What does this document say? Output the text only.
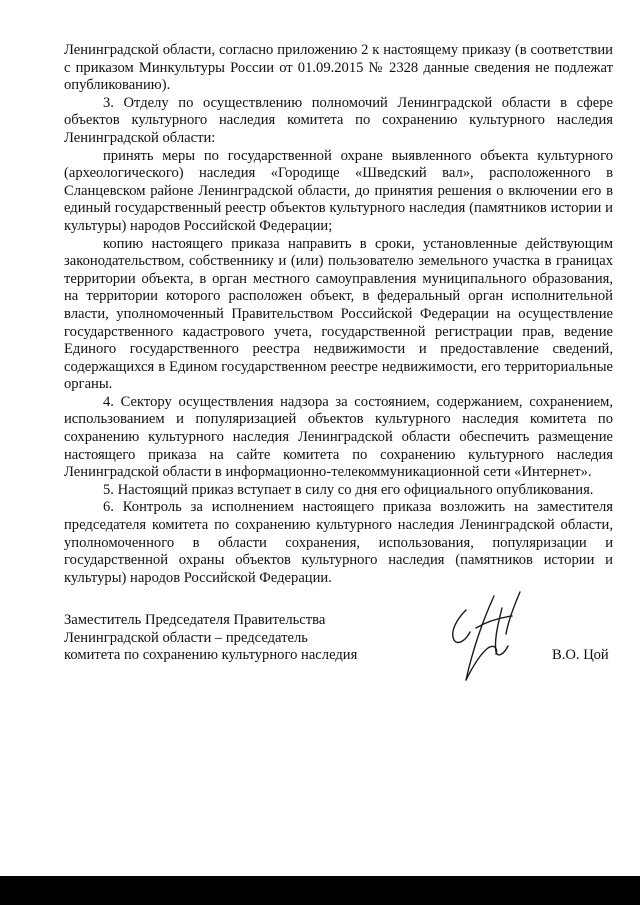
Ленинградской области, согласно приложению 2 к настоящему приказу (в соответствии с приказом Минкультуры России от 01.09.2015 № 2328 данные сведения не подлежат опубликованию).

3. Отделу по осуществлению полномочий Ленинградской области в сфере объектов культурного наследия комитета по сохранению культурного наследия Ленинградской области:

принять меры по государственной охране выявленного объекта культурного (археологического) наследия «Городище «Шведский вал», расположенного в Сланцевском районе Ленинградской области, до принятия решения о включении его в единый государственный реестр объектов культурного наследия (памятников истории и культуры) народов Российской Федерации;

копию настоящего приказа направить в сроки, установленные действующим законодательством, собственнику и (или) пользователю земельного участка в границах территории объекта, в орган местного самоуправления муниципального образования, на территории которого расположен объект, в федеральный орган исполнительной власти, уполномоченный Правительством Российской Федерации на осуществление государственного кадастрового учета, государственной регистрации прав, ведение Единого государственного реестра недвижимости и предоставление сведений, содержащихся в Едином государственном реестре недвижимости, его территориальные органы.

4. Сектору осуществления надзора за состоянием, содержанием, сохранением, использованием и популяризацией объектов культурного наследия комитета по сохранению культурного наследия Ленинградской области обеспечить размещение настоящего приказа на сайте комитета по сохранению культурного наследия Ленинградской области в информационно-телекоммуникационной сети «Интернет».

5. Настоящий приказ вступает в силу со дня его официального опубликования.

6. Контроль за исполнением настоящего приказа возложить на заместителя председателя комитета по сохранению культурного наследия Ленинградской области, уполномоченного в области сохранения, использования, популяризации и государственной охраны объектов культурного наследия (памятников истории и культуры) народов Российской Федерации.

Заместитель Председателя Правительства
Ленинградской области – председатель
комитета по сохранению культурного наследия	В.О. Цой
